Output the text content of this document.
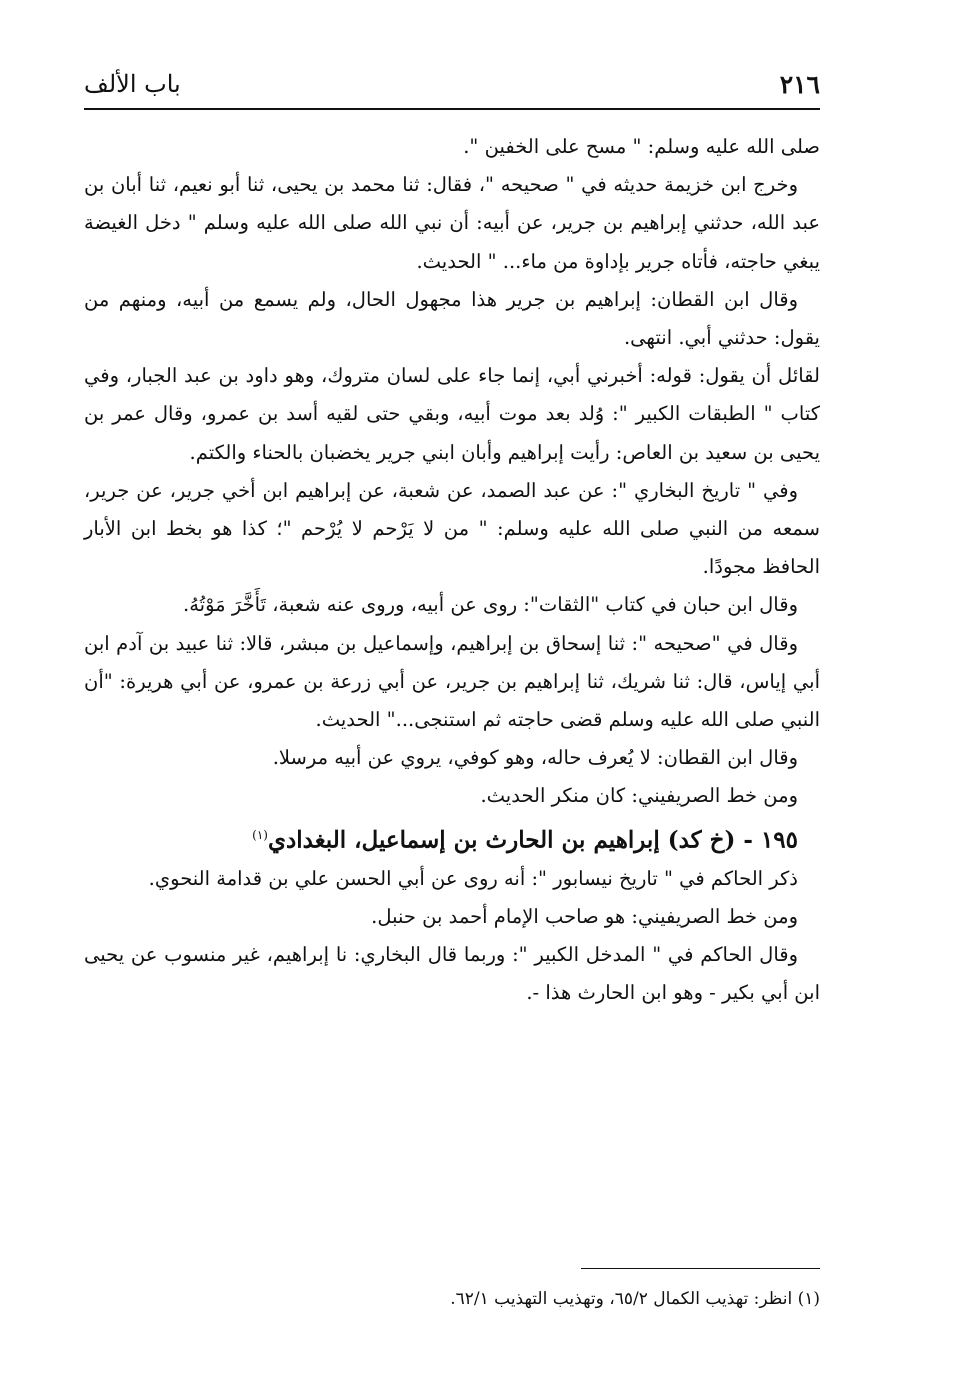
٢١٦
باب الألف

صلى الله عليه وسلم: " مسح على الخفين ".

وخرج ابن خزيمة حديثه في " صحيحه "، فقال: ثنا محمد بن يحيى، ثنا أبو نعيم، ثنا أبان بن عبد الله، حدثني إبراهيم بن جرير، عن أبيه: أن نبي الله صلى الله عليه وسلم " دخل الغيضة يبغي حاجته، فأتاه جرير بإداوة من ماء... " الحديث.

وقال ابن القطان: إبراهيم بن جرير هذا مجهول الحال، ولم يسمع من أبيه، ومنهم من يقول: حدثني أبي. انتهى.

لقائل أن يقول: قوله: أخبرني أبي، إنما جاء على لسان متروك، وهو داود بن عبد الجبار، وفي كتاب " الطبقات الكبير ": وُلد بعد موت أبيه، وبقي حتى لقيه أسد بن عمرو، وقال عمر بن يحيى بن سعيد بن العاص: رأيت إبراهيم وأبان ابني جرير يخضبان بالحناء والكتم.

وفي " تاريخ البخاري ": عن عبد الصمد، عن شعبة، عن إبراهيم ابن أخي جرير، عن جرير، سمعه من النبي صلى الله عليه وسلم: " من لا يَرْحم لا يُرْحم "؛ كذا هو بخط ابن الأبار الحافظ مجودًا.

وقال ابن حبان في كتاب "الثقات": روى عن أبيه، وروى عنه شعبة، تَأَخَّرَ مَوْتُهُ.

وقال في "صحيحه ": ثنا إسحاق بن إبراهيم، وإسماعيل بن مبشر، قالا: ثنا عبيد بن آدم ابن أبي إياس، قال: ثنا شريك، ثنا إبراهيم بن جرير، عن أبي زرعة بن عمرو، عن أبي هريرة: "أن النبي صلى الله عليه وسلم قضى حاجته ثم استنجى..." الحديث.

وقال ابن القطان: لا يُعرف حاله، وهو كوفي، يروي عن أبيه مرسلا.

ومن خط الصريفيني: كان منكر الحديث.

١٩٥ - (خ كد) إبراهيم بن الحارث بن إسماعيل، البغدادي$^{(١)}$

ذكر الحاكم في " تاريخ نيسابور ": أنه روى عن أبي الحسن علي بن قدامة النحوي.

ومن خط الصريفيني: هو صاحب الإمام أحمد بن حنبل.

وقال الحاكم في " المدخل الكبير ": وربما قال البخاري: نا إبراهيم، غير منسوب عن يحيى ابن أبي بكير - وهو ابن الحارث هذا -.

(١) انظر: تهذيب الكمال ٦٥/٢، وتهذيب التهذيب ٦٢/١.
